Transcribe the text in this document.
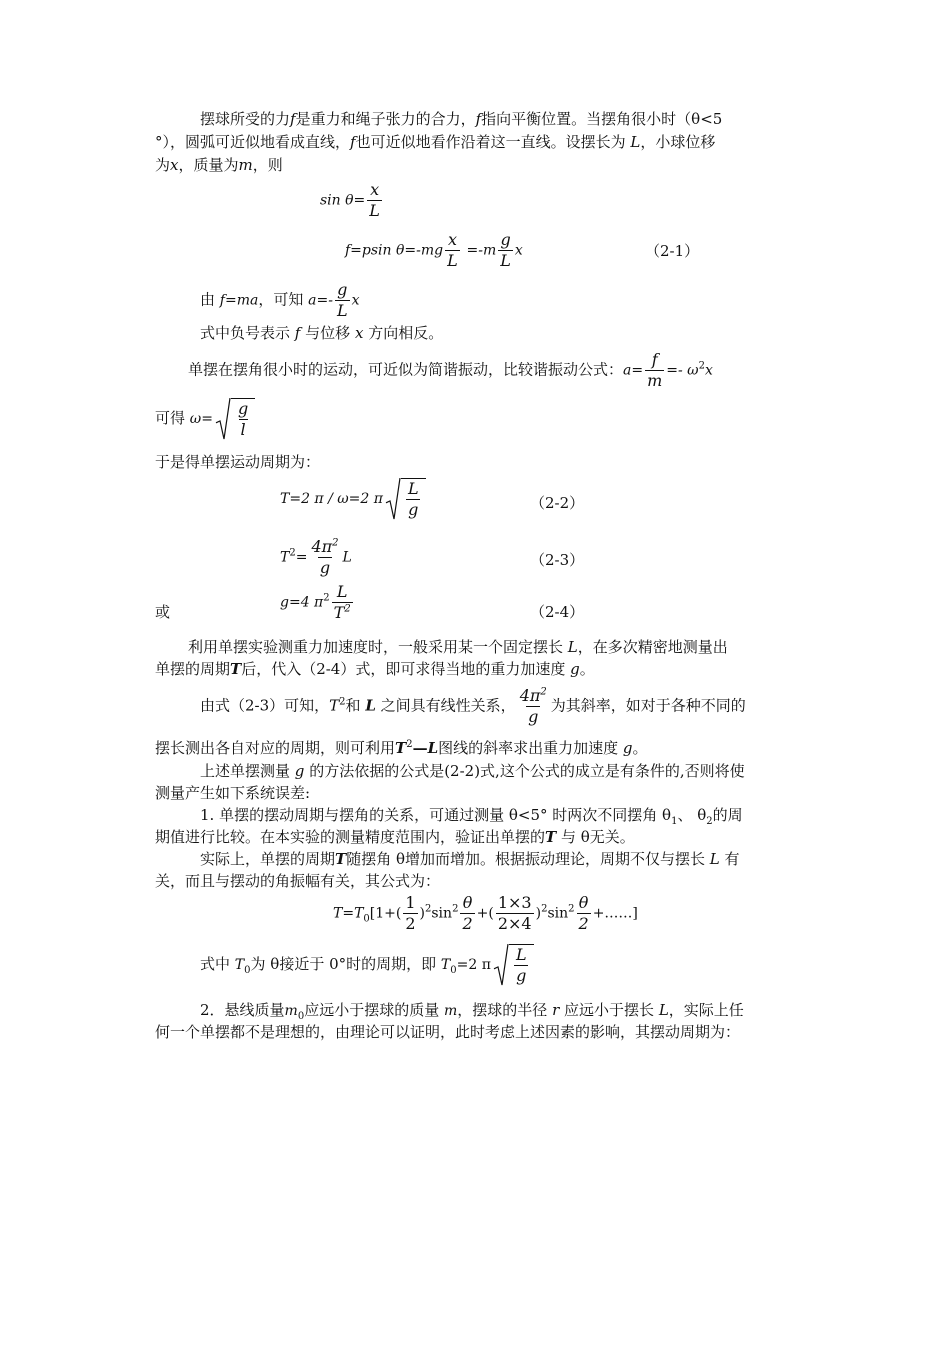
摆球所受的力f是重力和绳子张力的合力，f指向平衡位置。当摆角很小时（θ<5
°），圆弧可近似地看成直线，f也可近似地看作沿着这一直线。设摆长为 L，小球位移
为x，质量为m，则
$\sin \theta= \frac{x}{L}$
f=psin $\theta=-mg \frac{x}{L} =-m \frac{g}{L}$ x	（2-1）
由 f=ma，可知 $a=- \frac{g}{L}$ x
式中负号表示 f 与位移 x 方向相反。
单摆在摆角很小时的运动，可近似为简谐振动，比较谐振动公式：$a= \frac{f}{m} =- \omega^2x$
可得 $\omega= \frac{g}{l}$
于是得单摆运动周期为：
T=2 π / ω=2 π $\frac{L}{g}$	（2-2）
$T^2= \frac{4\pi^2}{g}$ L	（2-3）
或
g=4 $\pi^2 \frac{L}{T^2}$	（2-4）
利用单摆实验测重力加速度时，一般采用某一个固定摆长 L，在多次精密地测量出
单摆的周期T后，代入（2-4）式，即可求得当地的重力加速度 g。
由式（2-3）可知，$T^2$和 L 之间具有线性关系， $\frac{4\pi^2}{g}$ 为其斜率，如对于各种不同的
摆长测出各自对应的周期，则可利用$T^2—L$图线的斜率求出重力加速度 g。
上述单摆测量 g 的方法依据的公式是(2-2)式,这个公式的成立是有条件的,否则将使
测量产生如下系统误差:
1. 单摆的摆动周期与摆角的关系，可通过测量 θ<5° 时两次不同摆角 $\theta_1$、 $\theta_2$的周
期值进行比较。在本实验的测量精度范围内，验证出单摆的T 与 θ无关。
实际上，单摆的周期T随摆角 θ增加而增加。根据振动理论，周期不仅与摆长 L 有
关，而且与摆动的角振幅有关，其公式为：
$T=T_0[1+( \frac{1}{2} )^2\sin^2 \frac{\theta}{2}$ +( $\frac{1\times 3}{2\times 4} )^2\sin^2 \frac{\theta}{2}$ +……]
式中 $T_0$为 θ接近于 0°时的周期，即 $T_0=2$ π $\frac{L}{g}$
2．悬线质量$m_0$应远小于摆球的质量 m，摆球的半径 r 应远小于摆长 L，实际上任
何一个单摆都不是理想的，由理论可以证明，此时考虑上述因素的影响，其摆动周期为：
